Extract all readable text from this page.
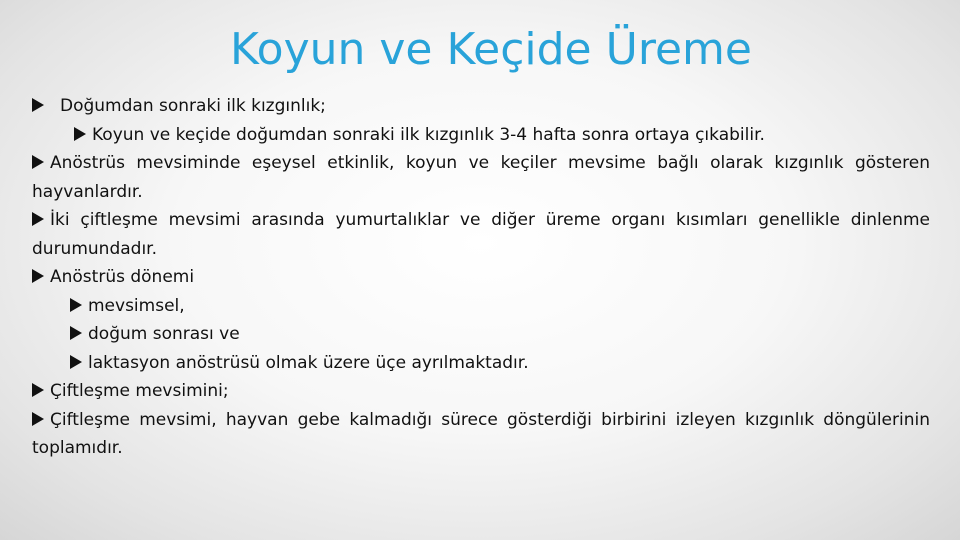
Koyun ve Keçide Üreme
Doğumdan sonraki ilk kızgınlık;
Koyun ve keçide doğumdan sonraki ilk kızgınlık 3-4 hafta sonra ortaya çıkabilir.
Anöstrüs mevsiminde eşeysel etkinlik, koyun ve keçiler mevsime bağlı olarak kızgınlık gösteren hayvanlardır.
İki çiftleşme mevsimi arasında yumurtalıklar ve diğer üreme organı kısımları genellikle dinlenme durumundadır.
Anöstrüs dönemi
mevsimsel,
doğum sonrası ve
laktasyon anöstrüsü olmak üzere üçe ayrılmaktadır.
Çiftleşme mevsimini;
Çiftleşme mevsimi, hayvan gebe kalmadığı sürece gösterdiği birbirini izleyen kızgınlık döngülerinin toplamıdır.
